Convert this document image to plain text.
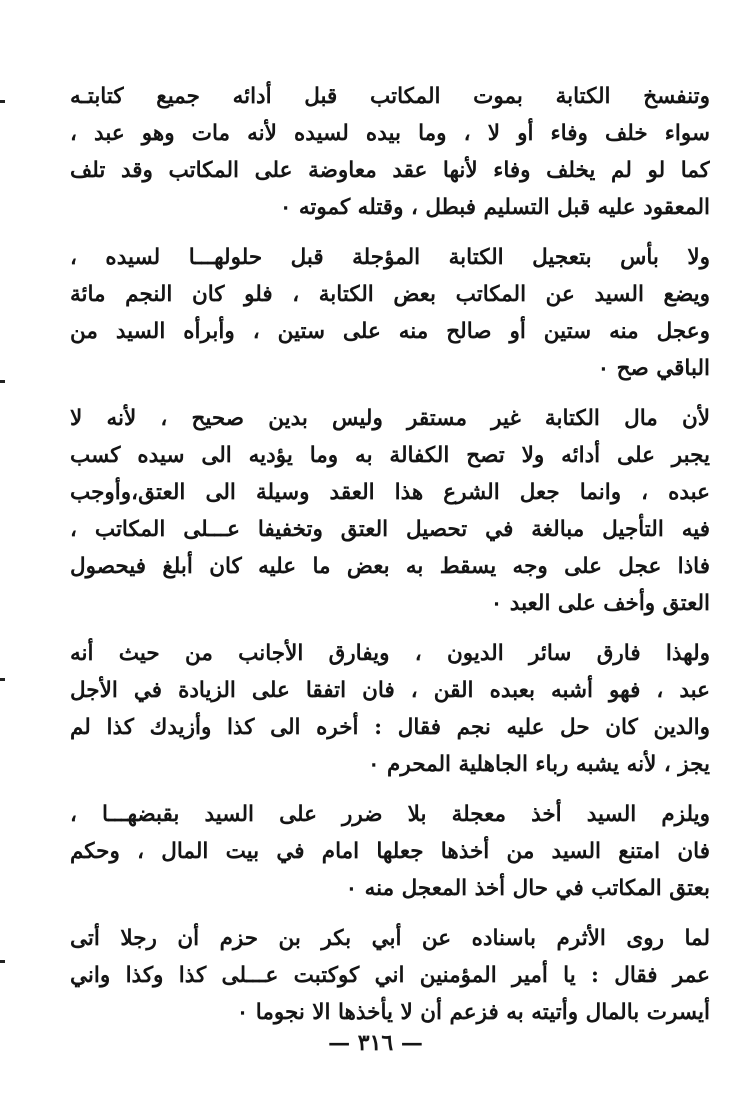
وتنفسخ الكتابة بموت المكاتب قبل أدائه جميع كتابتـه
سواء خلف وفاء أو لا ، وما بيده لسيده لأنه مات وهو عبد ،
كما لو لم يخلف وفاء لأنها عقد معاوضة على المكاتب وقد تلف
المعقود عليه قبل التسليم فبطل ، وقتله كموته ٠
ولا بأس بتعجيل الكتابة المؤجلة قبل حلولهـــا لسيده ،
ويضع السيد عن المكاتب بعض الكتابة ، فلو كان النجم مائة
وعجل منه ستين أو صالح منه على ستين ، وأبرأه السيد من
الباقي صح ٠
لأن مال الكتابة غير مستقر وليس بدين صحيح ، لأنه لا
يجبر على أدائه ولا تصح الكفالة به وما يؤديه الى سيده كسب
عبده ، وانما جعل الشرع هذا العقد وسيلة الى العتق،وأوجب
فيه التأجيل مبالغة في تحصيل العتق وتخفيفا عـــلى المكاتب ،
فاذا عجل على وجه يسقط به بعض ما عليه كان أبلغ فيحصول
العتق وأخف على العبد ٠
ولهذا فارق سائر الديون ، ويفارق الأجانب من حيث أنه
عبد ، فهو أشبه بعبده القن ، فان اتفقا على الزيادة في الأجل
والدين كان حل عليه نجم فقال : أخره الى كذا وأزيدك كذا لم
يجز ، لأنه يشبه رباء الجاهلية المحرم ٠
ويلزم السيد أخذ معجلة بلا ضرر على السيد بقبضهـــا ،
فان امتنع السيد من أخذها جعلها امام في بيت المال ، وحكم
بعتق المكاتب في حال أخذ المعجل منه ٠
لما روى الأثرم باسناده عن أبي بكر بن حزم أن رجلا أتى
عمر فقال : يا أمير المؤمنين اني كوكتبت عـــلى كذا وكذا واني
أيسرت بالمال وأتيته به فزعم أن لا يأخذها الا نجوما ٠
— ٣١٦ —
